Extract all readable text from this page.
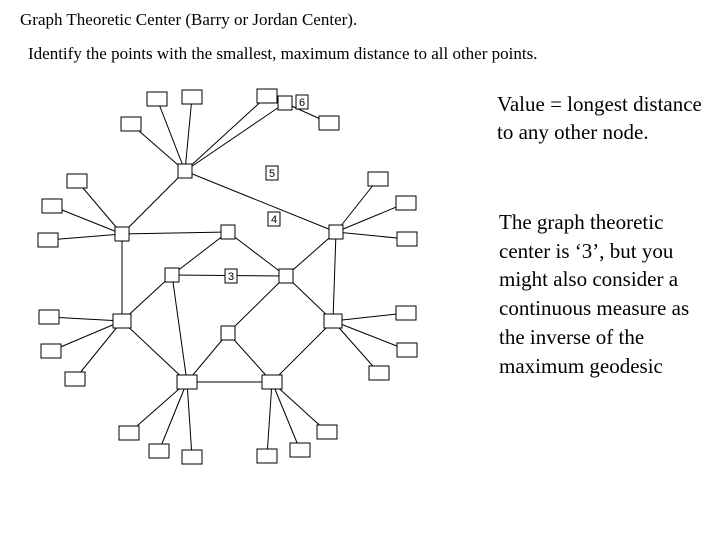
Graph Theoretic Center (Barry or Jordan Center).
Identify the points with the smallest, maximum distance to all other points.
Value = longest distance to any other node.
The graph theoretic center is ‘3’, but you might also consider a continuous measure as the inverse of the maximum geodesic
6
5
4
3
